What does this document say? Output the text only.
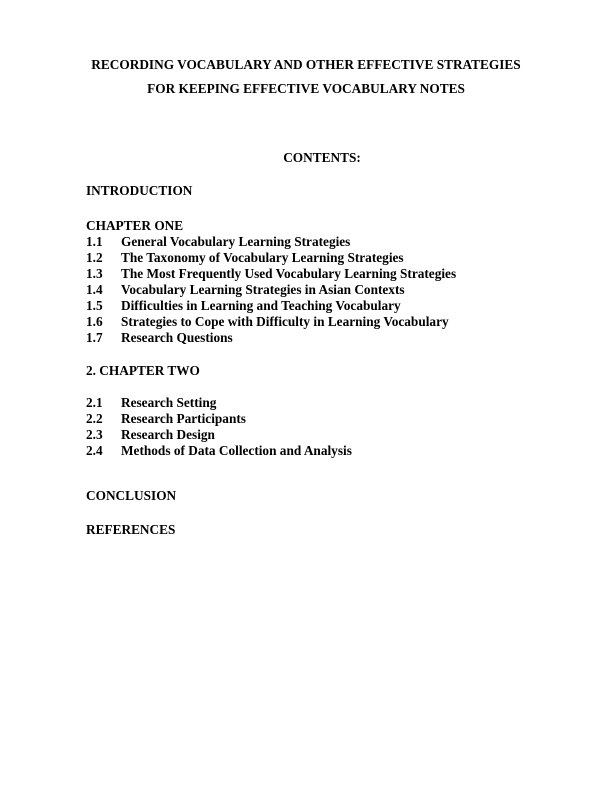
RECORDING VOCABULARY AND OTHER EFFECTIVE STRATEGIES
FOR KEEPING EFFECTIVE VOCABULARY NOTES
CONTENTS:
INTRODUCTION
CHAPTER ONE
1.1 General Vocabulary Learning Strategies
1.2 The Taxonomy of Vocabulary Learning Strategies
1.3 The Most Frequently Used Vocabulary Learning Strategies
1.4 Vocabulary Learning Strategies in Asian Contexts
1.5 Difficulties in Learning and Teaching Vocabulary
1.6 Strategies to Cope with Difficulty in Learning Vocabulary
1.7 Research Questions
2. CHAPTER TWO
2.1 Research Setting
2.2 Research Participants
2.3 Research Design
2.4 Methods of Data Collection and Analysis
CONCLUSION
REFERENCES
